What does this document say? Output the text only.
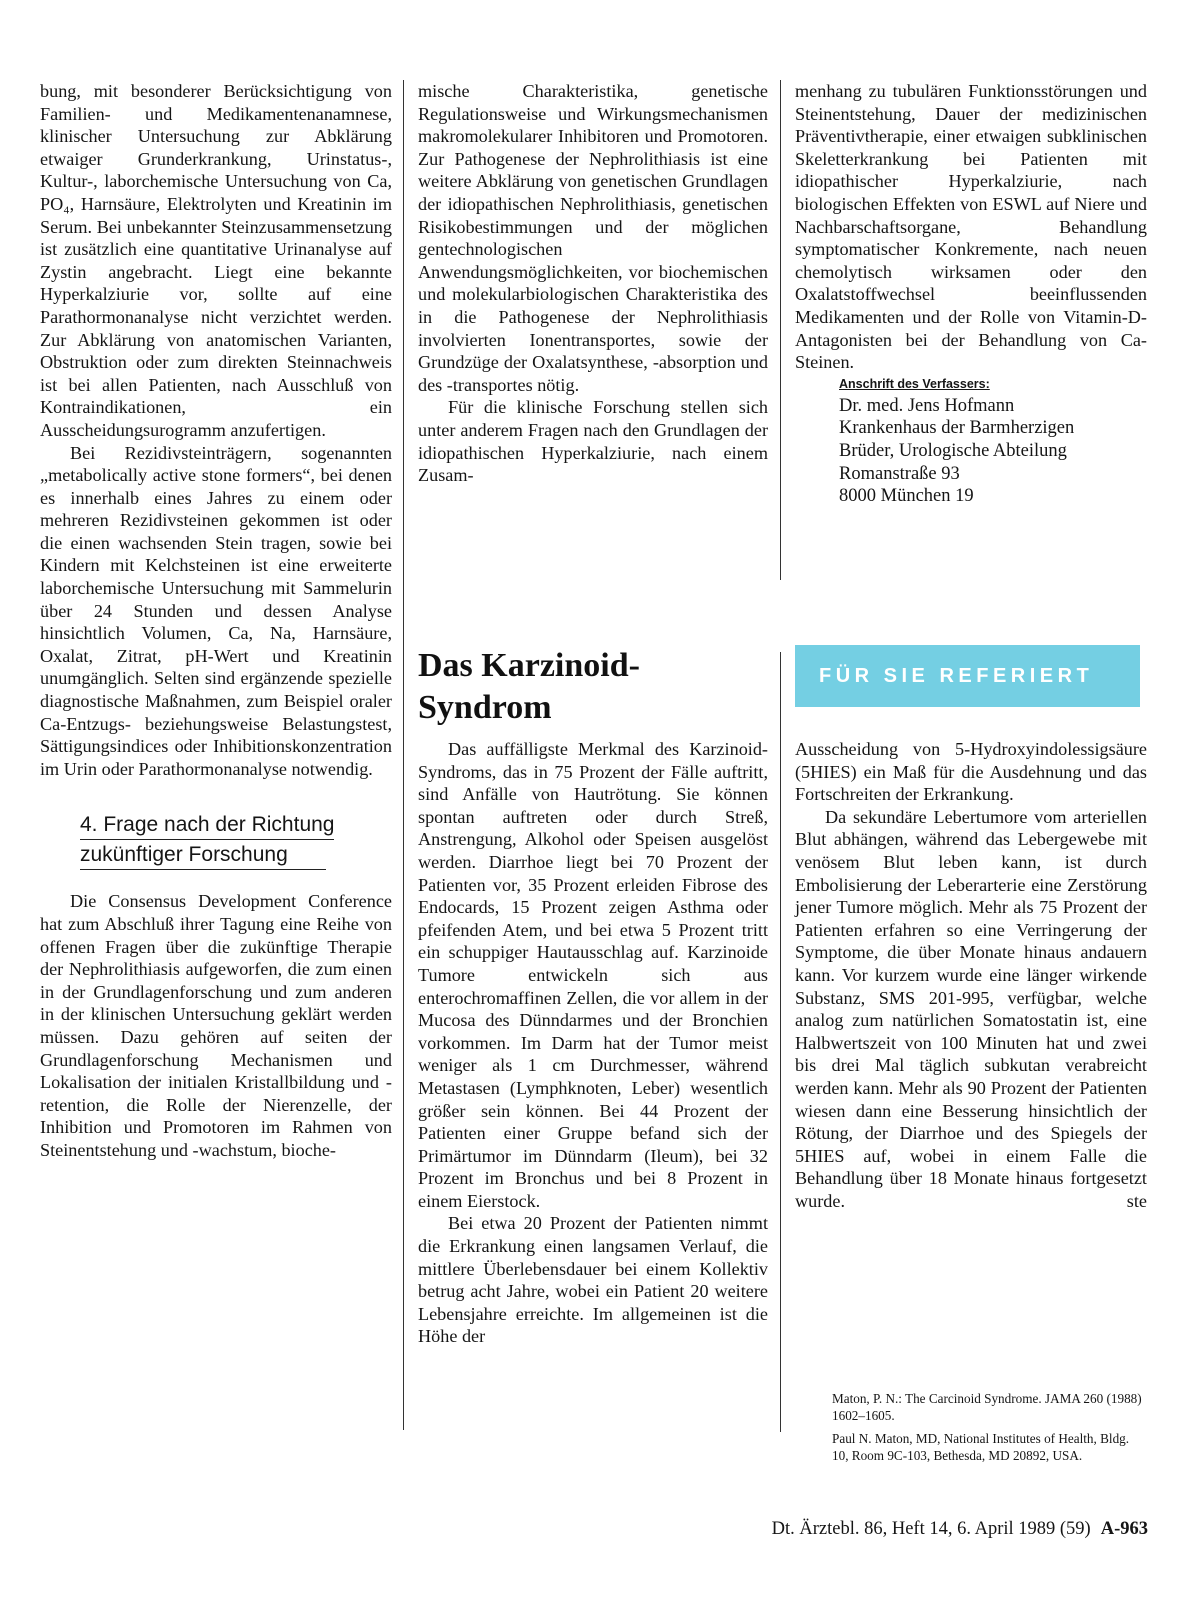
bung, mit besonderer Berücksichtigung von Familien- und Medikamentenanamnese, klinischer Untersuchung zur Abklärung etwaiger Grunderkrankung, Urinstatus-, Kultur-, laborchemische Untersuchung von Ca, PO₄, Harnsäure, Elektrolyten und Kreatinin im Serum. Bei unbekannter Steinzusammensetzung ist zusätzlich eine quantitative Urinanalyse auf Zystin angebracht. Liegt eine bekannte Hyperkalziurie vor, sollte auf eine Parathormonanalyse nicht verzichtet werden. Zur Abklärung von anatomischen Varianten, Obstruktion oder zum direkten Steinnachweis ist bei allen Patienten, nach Ausschluß von Kontraindikationen, ein Ausscheidungsurogramm anzufertigen.

Bei Rezidivsteinträgern, sogenannten „metabolically active stone formers“, bei denen es innerhalb eines Jahres zu einem oder mehreren Rezidivsteinen gekommen ist oder die einen wachsenden Stein tragen, sowie bei Kindern mit Kelchsteinen ist eine erweiterte laborchemische Untersuchung mit Sammelurin über 24 Stunden und dessen Analyse hinsichtlich Volumen, Ca, Na, Harnsäure, Oxalat, Zitrat, pH-Wert und Kreatinin unumgänglich. Selten sind ergänzende spezielle diagnostische Maßnahmen, zum Beispiel oraler Ca-Entzugs- beziehungsweise Belastungstest, Sättigungsindices oder Inhibitionskonzentration im Urin oder Parathormonanalyse notwendig.

4. Frage nach der Richtung
zukünftiger Forschung

Die Consensus Development Conference hat zum Abschluß ihrer Tagung eine Reihe von offenen Fragen über die zukünftige Therapie der Nephrolithiasis aufgeworfen, die zum einen in der Grundlagenforschung und zum anderen in der klinischen Untersuchung geklärt werden müssen. Dazu gehören auf seiten der Grundlagenforschung Mechanismen und Lokalisation der initialen Kristallbildung und -retention, die Rolle der Nierenzelle, der Inhibition und Promotoren im Rahmen von Steinentstehung und -wachstum, bioche-

mische Charakteristika, genetische Regulationsweise und Wirkungsmechanismen makromolekularer Inhibitoren und Promotoren. Zur Pathogenese der Nephrolithiasis ist eine weitere Abklärung von genetischen Grundlagen der idiopathischen Nephrolithiasis, genetischen Risikobestimmungen und der möglichen gentechnologischen Anwendungsmöglichkeiten, vor biochemischen und molekularbiologischen Charakteristika des in die Pathogenese der Nephrolithiasis involvierten Ionentransportes, sowie der Grundzüge der Oxalatsynthese, -absorption und des -transportes nötig.

Für die klinische Forschung stellen sich unter anderem Fragen nach den Grundlagen der idiopathischen Hyperkalziurie, nach einem Zusam-

menhang zu tubulären Funktionsstörungen und Steinentstehung, Dauer der medizinischen Präventivtherapie, einer etwaigen subklinischen Skeletterkrankung bei Patienten mit idiopathischer Hyperkalziurie, nach biologischen Effekten von ESWL auf Niere und Nachbarschaftsorgane, Behandlung symptomatischer Konkremente, nach neuen chemolytisch wirksamen oder den Oxalatstoffwechsel beeinflussenden Medikamenten und der Rolle von Vitamin-D-Antagonisten bei der Behandlung von Ca-Steinen.

Anschrift des Verfassers:
Dr. med. Jens Hofmann
Krankenhaus der Barmherzigen
Brüder, Urologische Abteilung
Romanstraße 93
8000 München 19
Das Karzinoid-
Syndrom
FÜR SIE REFERIERT

Das auffälligste Merkmal des Karzinoid-Syndroms, das in 75 Prozent der Fälle auftritt, sind Anfälle von Hautrötung. Sie können spontan auftreten oder durch Streß, Anstrengung, Alkohol oder Speisen ausgelöst werden. Diarrhoe liegt bei 70 Prozent der Patienten vor, 35 Prozent erleiden Fibrose des Endocards, 15 Prozent zeigen Asthma oder pfeifenden Atem, und bei etwa 5 Prozent tritt ein schuppiger Hautausschlag auf. Karzinoide Tumore entwickeln sich aus enterochromaffinen Zellen, die vor allem in der Mucosa des Dünndarmes und der Bronchien vorkommen. Im Darm hat der Tumor meist weniger als 1 cm Durchmesser, während Metastasen (Lymphknoten, Leber) wesentlich größer sein können. Bei 44 Prozent der Patienten einer Gruppe befand sich der Primärtumor im Dünndarm (Ileum), bei 32 Prozent im Bronchus und bei 8 Prozent in einem Eierstock.

Bei etwa 20 Prozent der Patienten nimmt die Erkrankung einen langsamen Verlauf, die mittlere Überlebensdauer bei einem Kollektiv betrug acht Jahre, wobei ein Patient 20 weitere Lebensjahre erreichte. Im allgemeinen ist die Höhe der

Ausscheidung von 5-Hydroxyindolessigsäure (5HIES) ein Maß für die Ausdehnung und das Fortschreiten der Erkrankung.

Da sekundäre Lebertumore vom arteriellen Blut abhängen, während das Lebergewebe mit venösem Blut leben kann, ist durch Embolisierung der Leberarterie eine Zerstörung jener Tumore möglich. Mehr als 75 Prozent der Patienten erfahren so eine Verringerung der Symptome, die über Monate hinaus andauern kann. Vor kurzem wurde eine länger wirkende Substanz, SMS 201-995, verfügbar, welche analog zum natürlichen Somatostatin ist, eine Halbwertszeit von 100 Minuten hat und zwei bis drei Mal täglich subkutan verabreicht werden kann. Mehr als 90 Prozent der Patienten wiesen dann eine Besserung hinsichtlich der Rötung, der Diarrhoe und des Spiegels der 5HIES auf, wobei in einem Falle die Behandlung über 18 Monate hinaus fortgesetzt wurde.	ste

Maton, P. N.: The Carcinoid Syndrome. JAMA 260 (1988) 1602–1605.

Paul N. Maton, MD, National Institutes of Health, Bldg. 10, Room 9C-103, Bethesda, MD 20892, USA.

Dt. Ärztebl. 86, Heft 14, 6. April 1989 (59) A-963
